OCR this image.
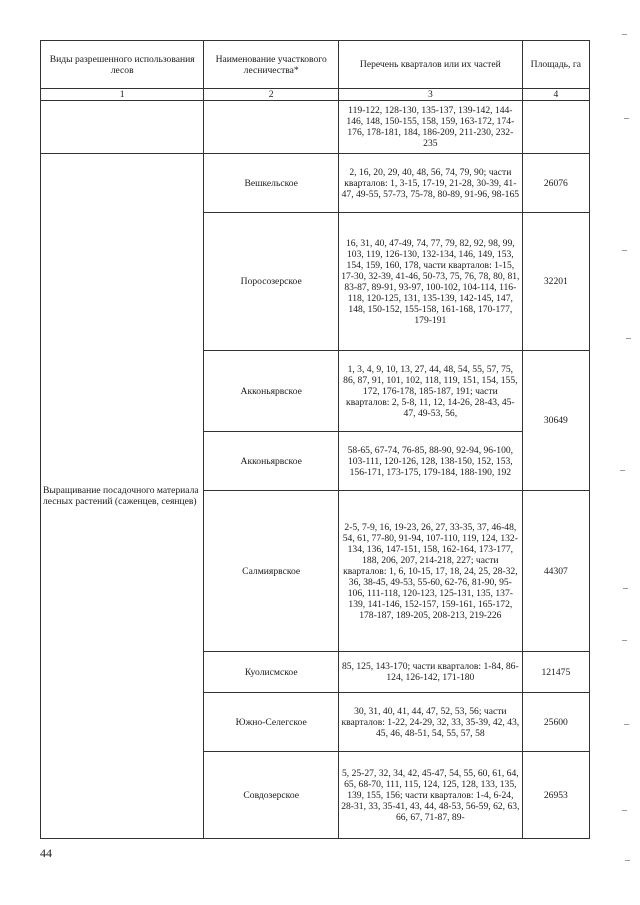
Виды разрешенного использования лесов	Наименование участкового лесничества*	Перечень кварталов или их частей	Площадь, га
1	2	3	4
		119-122, 128-130, 135-137, 139-142, 144-146, 148, 150-155, 158, 159, 163-172, 174-176, 178-181, 184, 186-209, 211-230, 232-235	
Выращивание посадочного материала лесных растений (саженцев, сеянцев)	Вешкельское	2, 16, 20, 29, 40, 48, 56, 74, 79, 90; части кварталов: 1, 3-15, 17-19, 21-28, 30-39, 41-47, 49-55, 57-73, 75-78, 80-89, 91-96, 98-165	26076
	Поросозерское	16, 31, 40, 47-49, 74, 77, 79, 82, 92, 98, 99, 103, 119, 126-130, 132-134, 146, 149, 153, 154, 159, 160, 178, части кварталов: 1-15, 17-30, 32-39, 41-46, 50-73, 75, 76, 78, 80, 81, 83-87, 89-91, 93-97, 100-102, 104-114, 116-118, 120-125, 131, 135-139, 142-145, 147, 148, 150-152, 155-158, 161-168, 170-177, 179-191	32201
	Акконьярвское	1, 3, 4, 9, 10, 13, 27, 44, 48, 54, 55, 57, 75, 86, 87, 91, 101, 102, 118, 119, 151, 154, 155, 172, 176-178, 185-187, 191; части кварталов: 2, 5-8, 11, 12, 14-26, 28-43, 45-47, 49-53, 56,	30649
	Акконьярвское	58-65, 67-74, 76-85, 88-90, 92-94, 96-100, 103-111, 120-126, 128, 138-150, 152, 153, 156-171, 173-175, 179-184, 188-190, 192	
	Салмиярвское	2-5, 7-9, 16, 19-23, 26, 27, 33-35, 37, 46-48, 54, 61, 77-80, 91-94, 107-110, 119, 124, 132-134, 136, 147-151, 158, 162-164, 173-177, 188, 206, 207, 214-218, 227; части кварталов: 1, 6, 10-15, 17, 18, 24, 25, 28-32, 36, 38-45, 49-53, 55-60, 62-76, 81-90, 95-106, 111-118, 120-123, 125-131, 135, 137-139, 141-146, 152-157, 159-161, 165-172, 178-187, 189-205, 208-213, 219-226	44307
	Куолисмское	85, 125, 143-170; части кварталов: 1-84, 86-124, 126-142, 171-180	121475
	Южно-Селегское	30, 31, 40, 41, 44, 47, 52, 53, 56; части кварталов: 1-22, 24-29, 32, 33, 35-39, 42, 43, 45, 46, 48-51, 54, 55, 57, 58	25600
	Совдозерское	5, 25-27, 32, 34, 42, 45-47, 54, 55, 60, 61, 64, 65, 68-70, 111, 115, 124, 125, 128, 133, 135, 139, 155, 156; части кварталов: 1-4, 6-24, 28-31, 33, 35-41, 43, 44, 48-53, 56-59, 62, 63, 66, 67, 71-87, 89-	26953
44
